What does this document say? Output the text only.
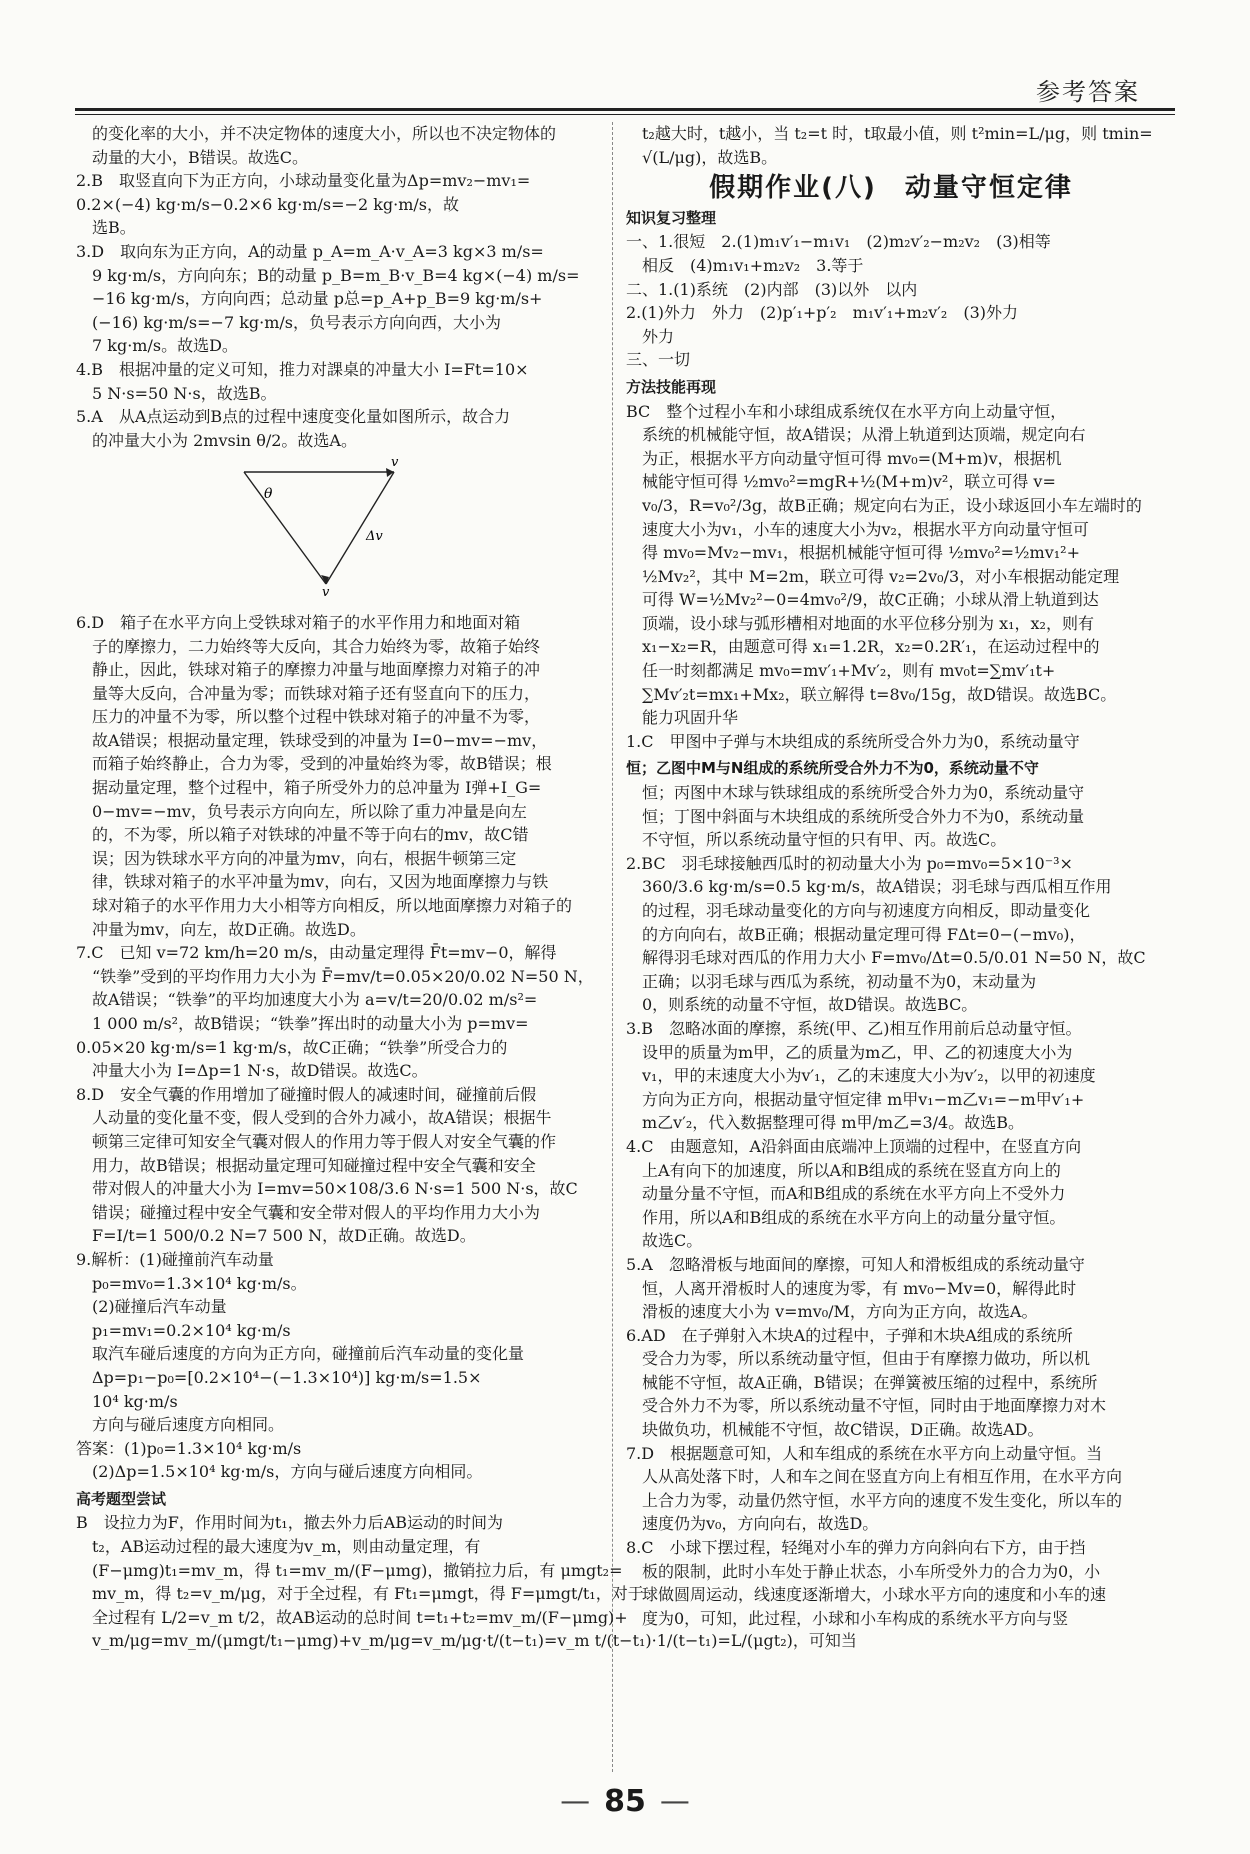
参考答案
的变化率的大小，并不决定物体的速度大小，所以也不决定物体的
动量的大小，B错误。故选C。
2.B　取竖直向下为正方向，小球动量变化量为Δp=mv₂−mv₁=
0.2×(−4) kg·m/s−0.2×6 kg·m/s=−2 kg·m/s，故
选B。
3.D　取向东为正方向，A的动量 p_A=m_A·v_A=3 kg×3 m/s=
9 kg·m/s，方向向东；B的动量 p_B=m_B·v_B=4 kg×(−4) m/s=
−16 kg·m/s，方向向西；总动量 p总=p_A+p_B=9 kg·m/s+
(−16) kg·m/s=−7 kg·m/s，负号表示方向向西，大小为
7 kg·m/s。故选D。
4.B　根据冲量的定义可知，推力对課桌的冲量大小 I=Ft=10×
5 N·s=50 N·s，故选B。
5.A　从A点运动到B点的过程中速度变化量如图所示，故合力
的冲量大小为 2mvsin θ/2。故选A。
θ
v
v
Δv
6.D　箱子在水平方向上受铁球对箱子的水平作用力和地面对箱
子的摩擦力，二力始终等大反向，其合力始终为零，故箱子始终
静止，因此，铁球对箱子的摩擦力冲量与地面摩擦力对箱子的冲
量等大反向，合冲量为零；而铁球对箱子还有竖直向下的压力，
压力的冲量不为零，所以整个过程中铁球对箱子的冲量不为零，
故A错误；根据动量定理，铁球受到的冲量为 I=0−mv=−mv，
而箱子始终静止，合力为零，受到的冲量始终为零，故B错误；根
据动量定理，整个过程中，箱子所受外力的总冲量为 I弹+I_G=
0−mv=−mv，负号表示方向向左，所以除了重力冲量是向左
的，不为零，所以箱子对铁球的冲量不等于向右的mv，故C错
误；因为铁球水平方向的冲量为mv，向右，根据牛顿第三定
律，铁球对箱子的水平冲量为mv，向右，又因为地面摩擦力与铁
球对箱子的水平作用力大小相等方向相反，所以地面摩擦力对箱子的
冲量为mv，向左，故D正确。故选D。
7.C　已知 v=72 km/h=20 m/s，由动量定理得 F̄t=mv−0，解得
“铁拳”受到的平均作用力大小为 F̄=mv/t=0.05×20/0.02 N=50 N，
故A错误；“铁拳”的平均加速度大小为 a=v/t=20/0.02 m/s²=
1 000 m/s²，故B错误；“铁拳”挥出时的动量大小为 p=mv=
0.05×20 kg·m/s=1 kg·m/s，故C正确；“铁拳”所受合力的
冲量大小为 I=Δp=1 N·s，故D错误。故选C。
8.D　安全气囊的作用增加了碰撞时假人的减速时间，碰撞前后假
人动量的变化量不变，假人受到的合外力减小，故A错误；根据牛
顿第三定律可知安全气囊对假人的作用力等于假人对安全气囊的作
用力，故B错误；根据动量定理可知碰撞过程中安全气囊和安全
带对假人的冲量大小为 I=mv=50×108/3.6 N·s=1 500 N·s，故C
错误；碰撞过程中安全气囊和安全带对假人的平均作用力大小为
F=I/t=1 500/0.2 N=7 500 N，故D正确。故选D。
9.解析：(1)碰撞前汽车动量
p₀=mv₀=1.3×10⁴ kg·m/s。
(2)碰撞后汽车动量
p₁=mv₁=0.2×10⁴ kg·m/s
取汽车碰后速度的方向为正方向，碰撞前后汽车动量的变化量
Δp=p₁−p₀=[0.2×10⁴−(−1.3×10⁴)] kg·m/s=1.5×
10⁴ kg·m/s
方向与碰后速度方向相同。
答案：(1)p₀=1.3×10⁴ kg·m/s
(2)Δp=1.5×10⁴ kg·m/s，方向与碰后速度方向相同。
高考题型尝试
B　设拉力为F，作用时间为t₁，撤去外力后AB运动的时间为
t₂，AB运动过程的最大速度为v_m，则由动量定理，有
(F−μmg)t₁=mv_m，得 t₁=mv_m/(F−μmg)，撤销拉力后，有 μmgt₂=
mv_m，得 t₂=v_m/μg，对于全过程，有 Ft₁=μmgt，得 F=μmgt/t₁，对于
全过程有 L/2=v_m t/2，故AB运动的总时间 t=t₁+t₂=mv_m/(F−μmg)+
v_m/μg=mv_m/(μmgt/t₁−μmg)+v_m/μg=v_m/μg·t/(t−t₁)=v_m t/(t−t₁)·1/(t−t₁)=L/(μgt₂)，可知当
t₂越大时，t越小，当 t₂=t 时，t取最小值，则 t²min=L/μg，则 tmin=
√(L/μg)，故选B。
假期作业(八)　动量守恒定律
知识复习整理
一、1.很短　2.(1)m₁v′₁−m₁v₁　(2)m₂v′₂−m₂v₂　(3)相等
相反　(4)m₁v₁+m₂v₂　3.等于
二、1.(1)系统　(2)内部　(3)以外　以内
2.(1)外力　外力　(2)p′₁+p′₂　m₁v′₁+m₂v′₂　(3)外力
外力
三、一切
方法技能再现
BC　整个过程小车和小球组成系统仅在水平方向上动量守恒，
系统的机械能守恒，故A错误；从滑上轨道到达顶端，规定向右
为正，根据水平方向动量守恒可得 mv₀=(M+m)v，根据机
械能守恒可得 ½mv₀²=mgR+½(M+m)v²，联立可得 v=
v₀/3，R=v₀²/3g，故B正确；规定向右为正，设小球返回小车左端时的
速度大小为v₁，小车的速度大小为v₂，根据水平方向动量守恒可
得 mv₀=Mv₂−mv₁，根据机械能守恒可得 ½mv₀²=½mv₁²+
½Mv₂²，其中 M=2m，联立可得 v₂=2v₀/3，对小车根据动能定理
可得 W=½Mv₂²−0=4mv₀²/9，故C正确；小球从滑上轨道到达
顶端，设小球与弧形槽相对地面的水平位移分别为 x₁，x₂，则有
x₁−x₂=R，由题意可得 x₁=1.2R，x₂=0.2R′₁，在运动过程中的
任一时刻都满足 mv₀=mv′₁+Mv′₂，则有 mv₀t=∑mv′₁t+
∑Mv′₂t=mx₁+Mx₂，联立解得 t=8v₀/15g，故D错误。故选BC。
能力巩固升华
1.C　甲图中子弹与木块组成的系统所受合外力为0，系统动量守
恒；乙图中M与N组成的系统所受合外力不为0，系统动量不守
恒；丙图中木球与铁球组成的系统所受合外力为0，系统动量守
恒；丁图中斜面与木块组成的系统所受合外力不为0，系统动量
不守恒，所以系统动量守恒的只有甲、丙。故选C。
2.BC　羽毛球接触西瓜时的初动量大小为 p₀=mv₀=5×10⁻³×
360/3.6 kg·m/s=0.5 kg·m/s，故A错误；羽毛球与西瓜相互作用
的过程，羽毛球动量变化的方向与初速度方向相反，即动量变化
的方向向右，故B正确；根据动量定理可得 FΔt=0−(−mv₀)，
解得羽毛球对西瓜的作用力大小 F=mv₀/Δt=0.5/0.01 N=50 N，故C
正确；以羽毛球与西瓜为系统，初动量不为0，末动量为
0，则系统的动量不守恒，故D错误。故选BC。
3.B　忽略冰面的摩擦，系统(甲、乙)相互作用前后总动量守恒。
设甲的质量为m甲，乙的质量为m乙，甲、乙的初速度大小为
v₁，甲的末速度大小为v′₁，乙的末速度大小为v′₂，以甲的初速度
方向为正方向，根据动量守恒定律 m甲v₁−m乙v₁=−m甲v′₁+
m乙v′₂，代入数据整理可得 m甲/m乙=3/4。故选B。
4.C　由题意知，A沿斜面由底端冲上顶端的过程中，在竖直方向
上A有向下的加速度，所以A和B组成的系统在竖直方向上的
动量分量不守恒，而A和B组成的系统在水平方向上不受外力
作用，所以A和B组成的系统在水平方向上的动量分量守恒。
故选C。
5.A　忽略滑板与地面间的摩擦，可知人和滑板组成的系统动量守
恒，人离开滑板时人的速度为零，有 mv₀−Mv=0，解得此时
滑板的速度大小为 v=mv₀/M，方向为正方向，故选A。
6.AD　在子弹射入木块A的过程中，子弹和木块A组成的系统所
受合力为零，所以系统动量守恒，但由于有摩擦力做功，所以机
械能不守恒，故A正确，B错误；在弹簧被压缩的过程中，系统所
受合外力不为零，所以系统动量不守恒，同时由于地面摩擦力对木
块做负功，机械能不守恒，故C错误，D正确。故选AD。
7.D　根据题意可知，人和车组成的系统在水平方向上动量守恒。当
人从高处落下时，人和车之间在竖直方向上有相互作用，在水平方向
上合力为零，动量仍然守恒，水平方向的速度不发生变化，所以车的
速度仍为v₀，方向向右，故选D。
8.C　小球下摆过程，轻绳对小车的弹力方向斜向右下方，由于挡
板的限制，此时小车处于静止状态，小车所受外力的合力为0，小
球做圆周运动，线速度逐渐增大，小球水平方向的速度和小车的速
度为0，可知，此过程，小球和小车构成的系统水平方向与竖
— 85 —
